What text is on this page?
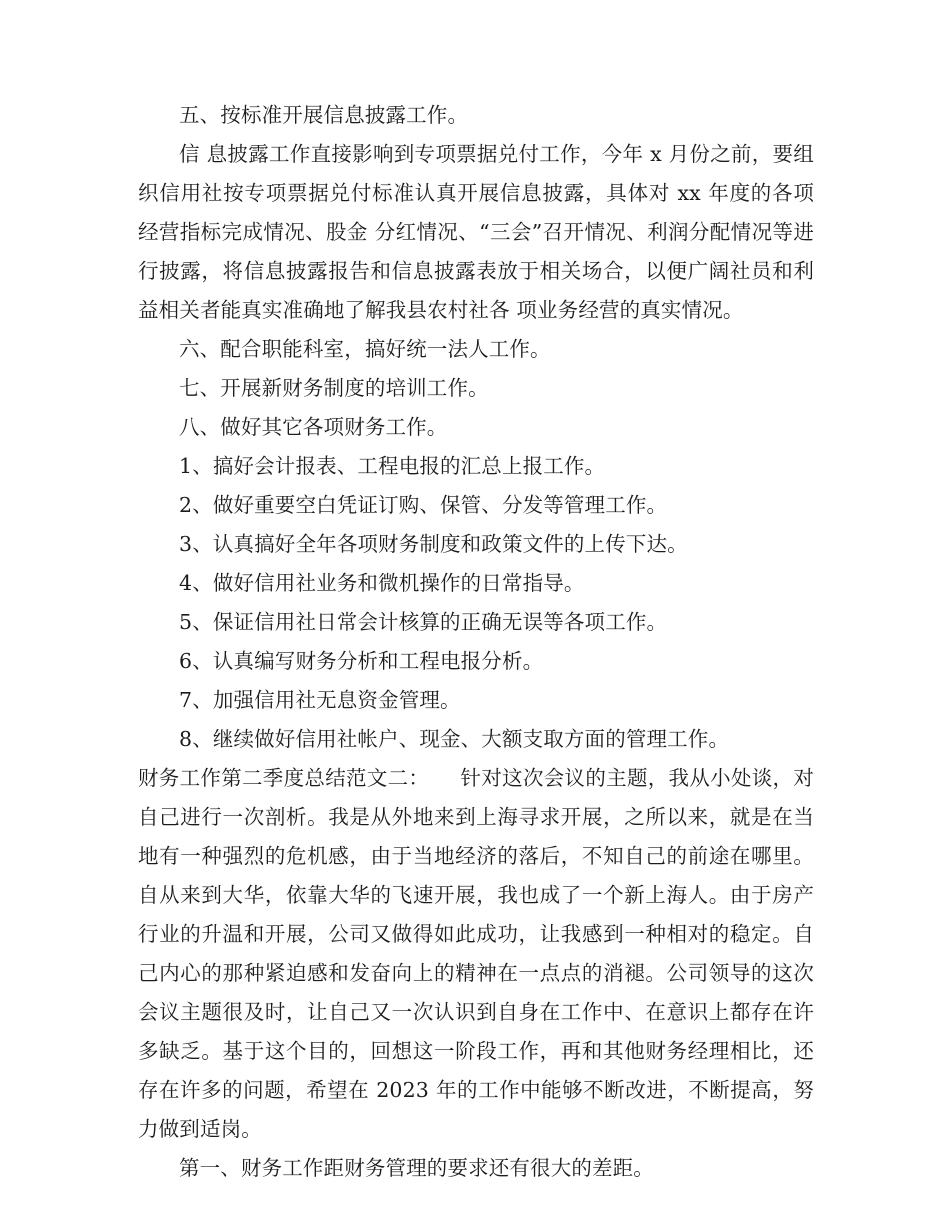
五、按标准开展信息披露工作。

信 息披露工作直接影响到专项票据兑付工作，今年 x 月份之前，要组织信用社按专项票据兑付标准认真开展信息披露，具体对 xx 年度的各项经营指标完成情况、股金 分红情况、“三会”召开情况、利润分配情况等进行披露，将信息披露报告和信息披露表放于相关场合，以便广阔社员和利益相关者能真实准确地了解我县农村社各 项业务经营的真实情况。

六、配合职能科室，搞好统一法人工作。

七、开展新财务制度的培训工作。

八、做好其它各项财务工作。

1、搞好会计报表、工程电报的汇总上报工作。

2、做好重要空白凭证订购、保管、分发等管理工作。

3、认真搞好全年各项财务制度和政策文件的上传下达。

4、做好信用社业务和微机操作的日常指导。

5、保证信用社日常会计核算的正确无误等各项工作。

6、认真编写财务分析和工程电报分析。

7、加强信用社无息资金管理。

8、继续做好信用社帐户、现金、大额支取方面的管理工作。

财务工作第二季度总结范文二：　　针对这次会议的主题，我从小处谈，对自己进行一次剖析。我是从外地来到上海寻求开展，之所以来，就是在当地有一种强烈的危机感，由于当地经济的落后，不知自己的前途在哪里。自从来到大华，依靠大华的飞速开展，我也成了一个新上海人。由于房产行业的升温和开展，公司又做得如此成功，让我感到一种相对的稳定。自己内心的那种紧迫感和发奋向上的精神在一点点的消褪。公司领导的这次会议主题很及时，让自己又一次认识到自身在工作中、在意识上都存在许多缺乏。基于这个目的，回想这一阶段工作，再和其他财务经理相比，还存在许多的问题，希望在 2023 年的工作中能够不断改进，不断提高，努力做到适岗。

第一、财务工作距财务管理的要求还有很大的差距。
